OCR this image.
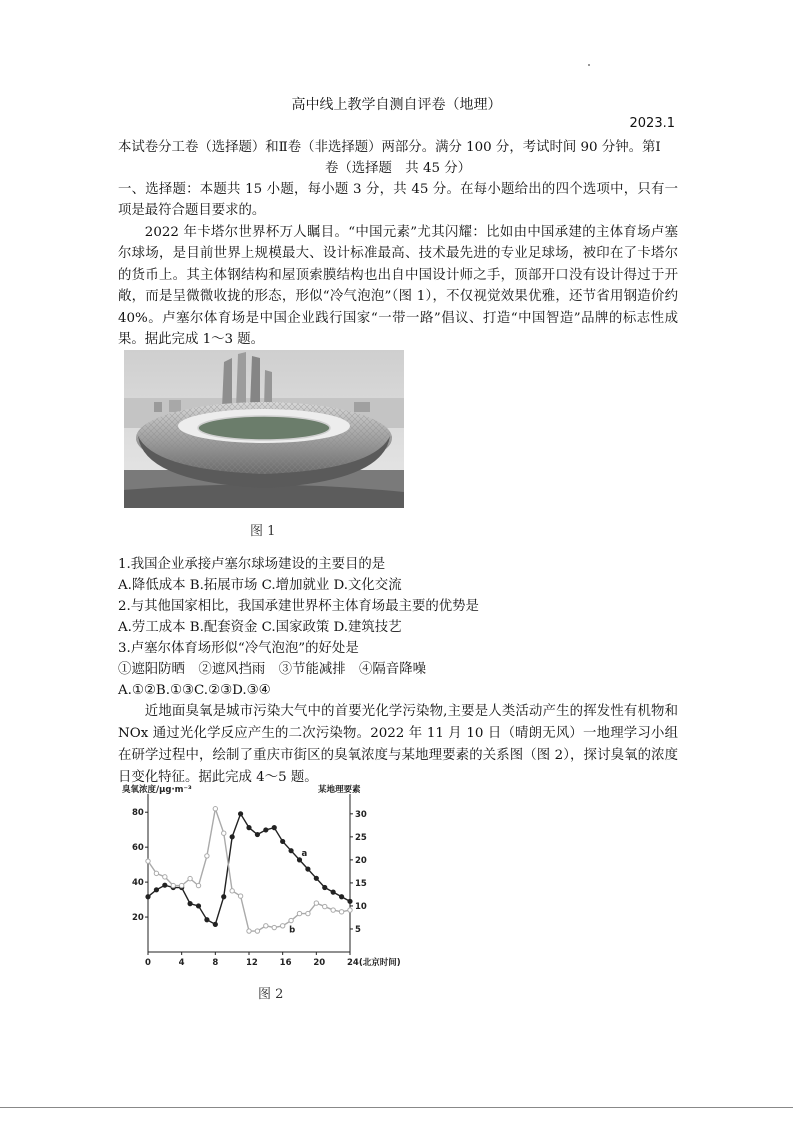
高中线上教学自测自评卷（地理）
2023.1
本试卷分工卷（选择题）和Ⅱ卷（非选择题）两部分。满分 100 分，考试时间 90 分钟。第Ⅰ
卷（选择题　共 45 分）
一、选择题：本题共 15 小题，每小题 3 分，共 45 分。在每小题给出的四个选项中，只有一项是最符合题目要求的。
2022 年卡塔尔世界杯万人瞩目。“中国元素”尤其闪耀：比如由中国承建的主体育场卢塞尔球场，是目前世界上规模最大、设计标准最高、技术最先进的专业足球场，被印在了卡塔尔的货币上。其主体钢结构和屋顶索膜结构也出自中国设计师之手，顶部开口没有设计得过于开敞，而是呈微微收拢的形态，形似“冷气泡泡”（图 1），不仅视觉效果优雅，还节省用钢造价约 40%。卢塞尔体育场是中国企业践行国家“一带一路”倡议、打造“中国智造”品牌的标志性成果。据此完成 1～3 题。
图 1
1.我国企业承接卢塞尔球场建设的主要目的是
A.降低成本 B.拓展市场 C.增加就业 D.文化交流
2.与其他国家相比，我国承建世界杯主体育场最主要的优势是
A.劳工成本 B.配套资金 C.国家政策 D.建筑技艺
3.卢塞尔体育场形似“冷气泡泡”的好处是
①遮阳防晒　②遮风挡雨　③节能减排　④隔音降噪
A.①②B.①③C.②③D.③④
近地面臭氧是城市污染大气中的首要光化学污染物,主要是人类活动产生的挥发性有机物和 NOx 通过光化学反应产生的二次污染物。2022 年 11 月 10 日（晴朗无风）一地理学习小组在研学过程中，绘制了重庆市街区的臭氧浓度与某地理要素的关系图（图 2），探讨臭氧的浓度日变化特征。据此完成 4～5 题。
臭氧浓度/μg·m⁻³	某地理要素
0	4	8	12	16	20	24(北京时间)
20
40
60
80
5
10
15
20
25
30
a
b
图 2
